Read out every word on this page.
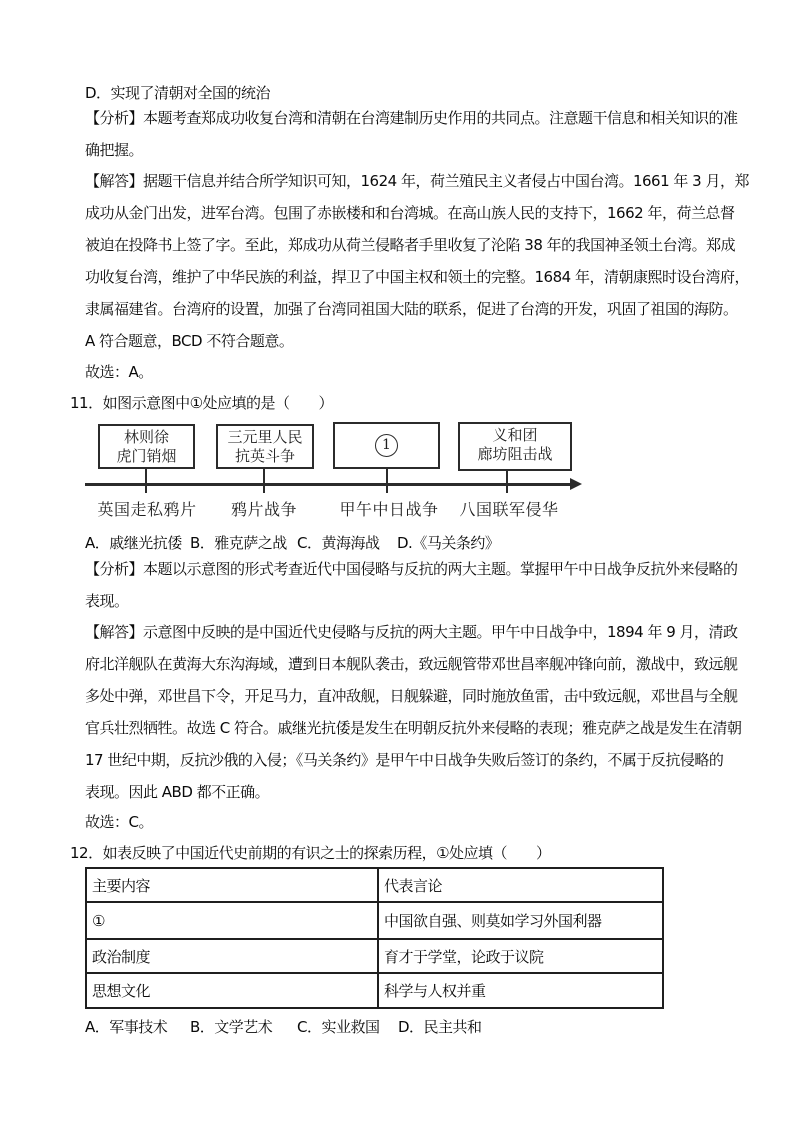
D．实现了清朝对全国的统治
【分析】本题考查郑成功收复台湾和清朝在台湾建制历史作用的共同点。注意题干信息和相关知识的准
确把握。
【解答】据题干信息并结合所学知识可知，1624 年，荷兰殖民主义者侵占中国台湾。1661 年 3 月，郑
成功从金门出发，进军台湾。包围了赤嵌楼和和台湾城。在高山族人民的支持下，1662 年，荷兰总督
被迫在投降书上签了字。至此，郑成功从荷兰侵略者手里收复了沦陷 38 年的我国神圣领土台湾。郑成
功收复台湾，维护了中华民族的利益，捍卫了中国主权和领土的完整。1684 年，清朝康熙时设台湾府，
隶属福建省。台湾府的设置，加强了台湾同祖国大陆的联系，促进了台湾的开发，巩固了祖国的海防。
A 符合题意，BCD 不符合题意。
故选：A。
11．如图示意图中①处应填的是（　　）
林则徐
虎门销烟
三元里人民
抗英斗争
1
义和团
廊坊阻击战
英国走私鸦片 鸦片战争	甲午中日战争 八国联军侵华
A．戚继光抗倭 B．雅克萨之战 C．黄海海战 D.《马关条约》
【分析】本题以示意图的形式考查近代中国侵略与反抗的两大主题。掌握甲午中日战争反抗外来侵略的
表现。
【解答】示意图中反映的是中国近代史侵略与反抗的两大主题。甲午中日战争中，1894 年 9 月，清政
府北洋舰队在黄海大东沟海域，遭到日本舰队袭击，致远舰管带邓世昌率舰冲锋向前，激战中，致远舰
多处中弹，邓世昌下令，开足马力，直冲敌舰，日舰躲避，同时施放鱼雷，击中致远舰，邓世昌与全舰
官兵壮烈牺牲。故选 C 符合。戚继光抗倭是发生在明朝反抗外来侵略的表现；雅克萨之战是发生在清朝
17 世纪中期，反抗沙俄的入侵；《马关条约》是甲午中日战争失败后签订的条约，不属于反抗侵略的
表现。因此 ABD 都不正确。
故选：C。
12．如表反映了中国近代史前期的有识之士的探索历程，①处应填（　　）
主要内容	代表言论
①	中国欲自强、则莫如学习外国利器
政治制度	育才于学堂，论政于议院
思想文化	科学与人权并重
A．军事技术 B．文学艺术 C．实业救国 D．民主共和
